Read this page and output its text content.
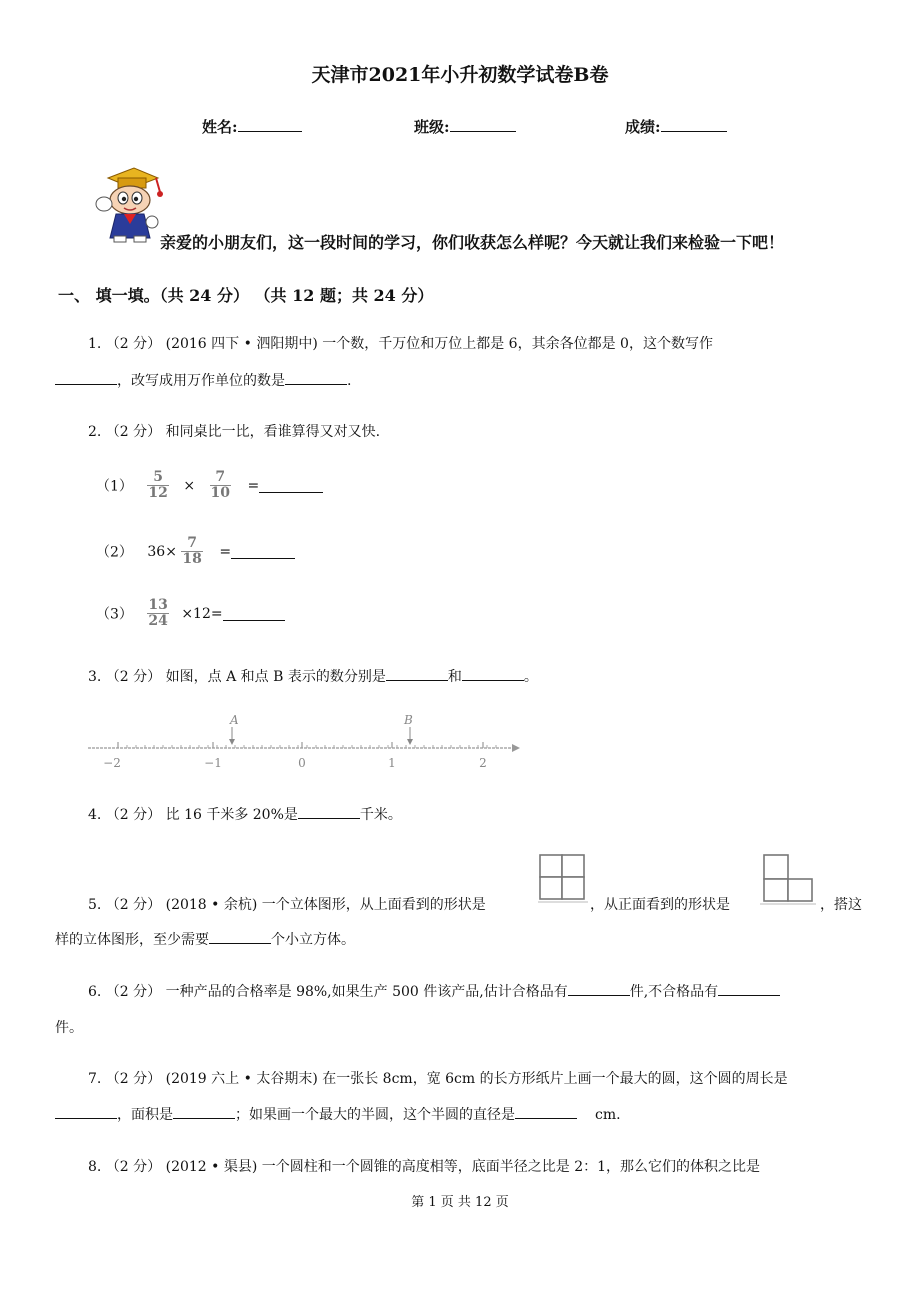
天津市2021年小升初数学试卷B卷
姓名:	班级:	成绩:
亲爱的小朋友们，这一段时间的学习，你们收获怎么样呢？今天就让我们来检验一下吧！
一、 填一填。（共 24 分） （共 12 题；共 24 分）
1. （2 分） (2016 四下 • 泗阳期中) 一个数，千万位和万位上都是 6，其余各位都是 0，这个数写作
，改写成用万作单位的数是	.
2. （2 分） 和同桌比一比，看谁算得又对又快.
$(1) \frac{5}{12} \times \frac{7}{10}$ =
（2） $36\times \frac{7}{18}$ =
$(3) \frac{13}{24} \times 12=$
3. （2 分） 如图，点 A 和点 B 表示的数分别是	和	。
A	B
−2	−1	0	1	2
4. （2 分） 比 16 千米多 20%是	千米。
5. （2 分） (2018 • 余杭) 一个立体图形，从上面看到的形状是	，从正面看到的形状是	，搭这
样的立体图形，至少需要	个小立方体。
6. （2 分） 一种产品的合格率是 98%,如果生产 500 件该产品,估计合格品有	件,不合格品有
件。
7. （2 分） (2019 六上 • 太谷期末) 在一张长 8cm，宽 6cm 的长方形纸片上画一个最大的圆，这个圆的周长是
，面积是	；如果画一个最大的半圆，这个半圆的直径是	cm.
8. （2 分） (2012 • 渠县) 一个圆柱和一个圆锥的高度相等，底面半径之比是 2：1，那么它们的体积之比是
第 1 页 共 12 页
